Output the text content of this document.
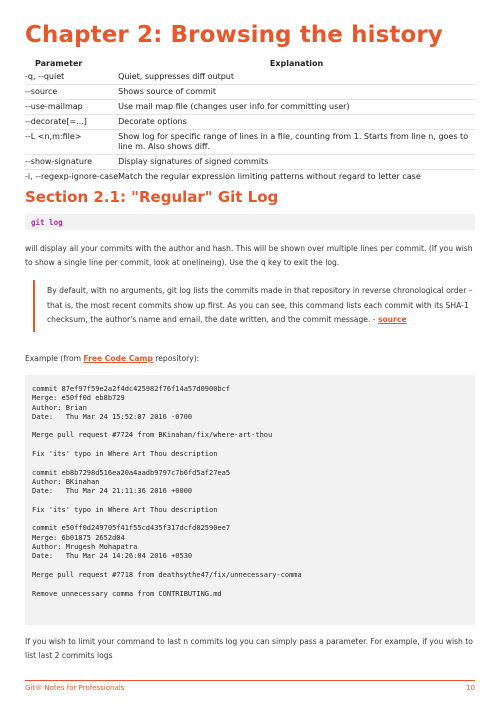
Chapter 2: Browsing the history
Parameter	Explanation
-q, --quiet	Quiet, suppresses diff output
--source	Shows source of commit
--use-mailmap	Use mail map file (changes user info for committing user)
--decorate[=...]	Decorate options
--L <n,m:file>	Show log for specific range of lines in a file, counting from 1. Starts from line n, goes to line m. Also shows diff.
--show-signature	Display signatures of signed commits
-i, --regexp-ignore-case	Match the regular expression limiting patterns without regard to letter case
Section 2.1: "Regular" Git Log
git log

will display all your commits with the author and hash. This will be shown over multiple lines per commit. (If you wish to show a single line per commit, look at onelineing). Use the q key to exit the log.

By default, with no arguments, git log lists the commits made in that repository in reverse chronological order – that is, the most recent commits show up first. As you can see, this command lists each commit with its SHA-1 checksum, the author's name and email, the date written, and the commit message. - source

Example (from Free Code Camp repository):

commit 87ef97f59e2a2f4dc425982f76f14a57d0900bcf
Merge: e50ff0d eb8b729
Author: Brian
Date:   Thu Mar 24 15:52:07 2016 -0700

Merge pull request #7724 from BKinahan/fix/where-art-thou

Fix 'its' typo in Where Art Thou description

commit eb8b7298d516ea20a4aadb9797c7b6fd5af27ea5
Author: BKinahan
Date:   Thu Mar 24 21:11:36 2016 +0000

Fix 'its' typo in Where Art Thou description

commit e50ff0d249705f41f55cd435f317dcfd02590ee7
Merge: 6b01875 2652d04
Author: Mrugesh Mohapatra
Date:   Thu Mar 24 14:26:04 2016 +0530

Merge pull request #7718 from deathsythe47/fix/unnecessary-comma

Remove unnecessary comma from CONTRIBUTING.md

If you wish to limit your command to last n commits log you can simply pass a parameter. For example, if you wish to list last 2 commits logs

Git® Notes for Professionals	10
